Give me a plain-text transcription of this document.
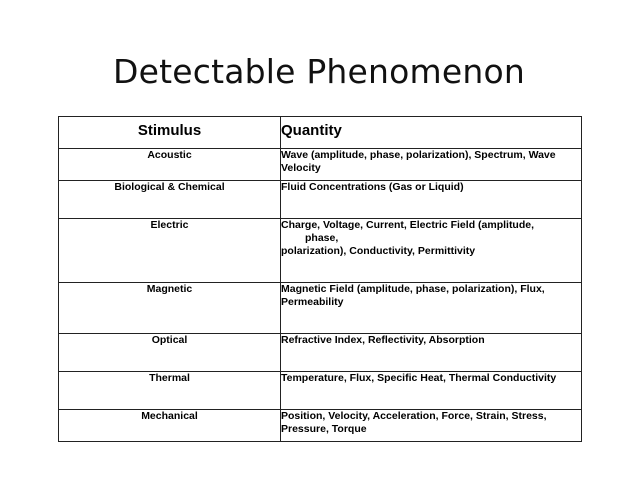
Detectable Phenomenon
Stimulus	Quantity
Acoustic	Wave (amplitude, phase, polarization), Spectrum, Wave
Velocity

Biological & Chemical	Fluid Concentrations (Gas or Liquid)

Electric	Charge, Voltage, Current, Electric Field (amplitude,
phase,
polarization), Conductivity, Permittivity

Magnetic	Magnetic Field (amplitude, phase, polarization), Flux,
Permeability

Optical	Refractive Index, Reflectivity, Absorption

Thermal	Temperature, Flux, Specific Heat, Thermal Conductivity

Mechanical	Position, Velocity, Acceleration, Force, Strain, Stress,
Pressure, Torque
